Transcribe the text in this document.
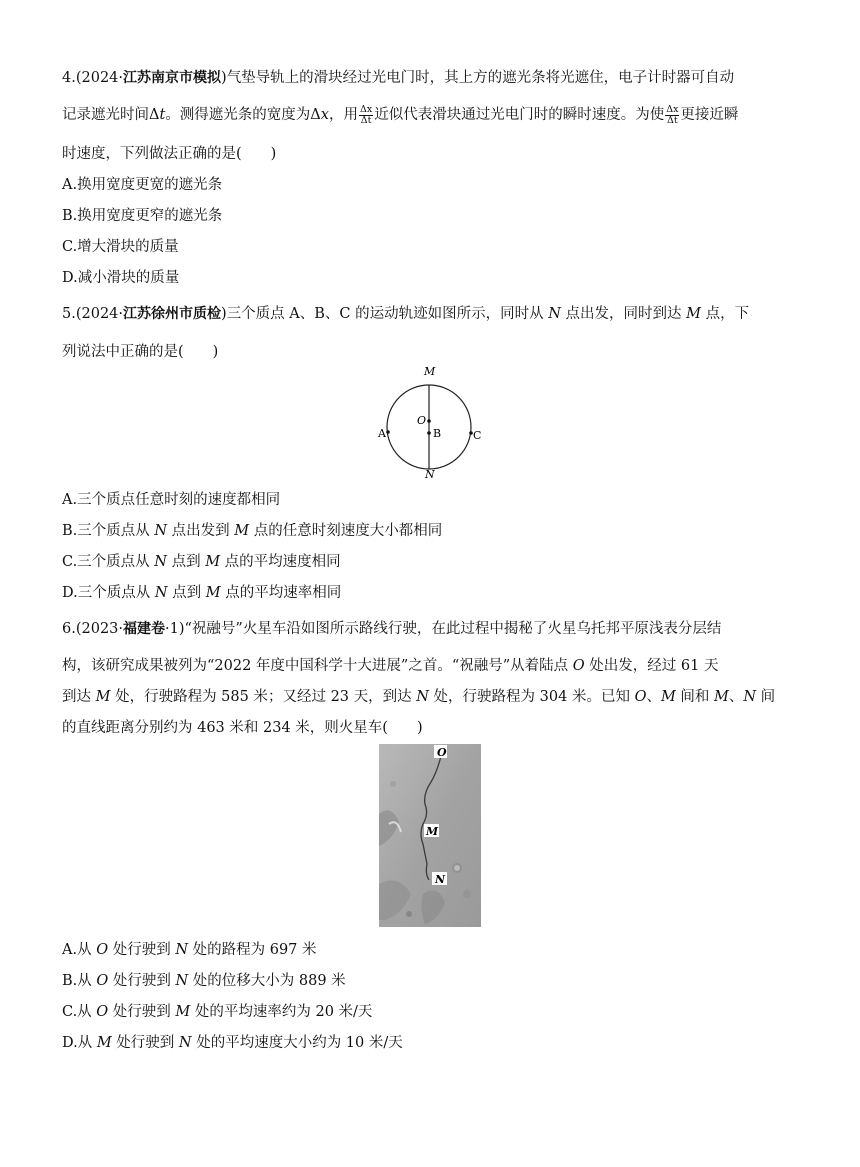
4.(2024·江苏南京市模拟)气垫导轨上的滑块经过光电门时，其上方的遮光条将光遮住，电子计时器可自动
记录遮光时间Δt。测得遮光条的宽度为Δx，用 $\frac{\Delta x}{\Delta t}$ 近似代表滑块通过光电门时的瞬时速度。为使 $\frac{\Delta x}{\Delta t}$ 更接近瞬
时速度，下列做法正确的是(　　)
A.换用宽度更宽的遮光条
B.换用宽度更窄的遮光条
C.增大滑块的质量
D.减小滑块的质量
5.(2024·江苏徐州市质检)三个质点 A、B、C 的运动轨迹如图所示，同时从 N 点出发，同时到达 M 点，下
列说法中正确的是(　　)
M
O
B
A	C
N
A.三个质点任意时刻的速度都相同
B.三个质点从 N 点出发到 M 点的任意时刻速度大小都相同
C.三个质点从 N 点到 M 点的平均速度相同
D.三个质点从 N 点到 M 点的平均速率相同
6.(2023·福建卷·1)“祝融号”火星车沿如图所示路线行驶，在此过程中揭秘了火星乌托邦平原浅表分层结
构，该研究成果被列为“2022 年度中国科学十大进展”之首。“祝融号”从着陆点 O 处出发，经过 61 天
到达 M 处，行驶路程为 585 米；又经过 23 天，到达 N 处，行驶路程为 304 米。已知 O、M 间和 M、N 间
的直线距离分别约为 463 米和 234 米，则火星车(　　)
O
M
N
A.从 O 处行驶到 N 处的路程为 697 米
B.从 O 处行驶到 N 处的位移大小为 889 米
C.从 O 处行驶到 M 处的平均速率约为 20 米/天
D.从 M 处行驶到 N 处的平均速度大小约为 10 米/天
